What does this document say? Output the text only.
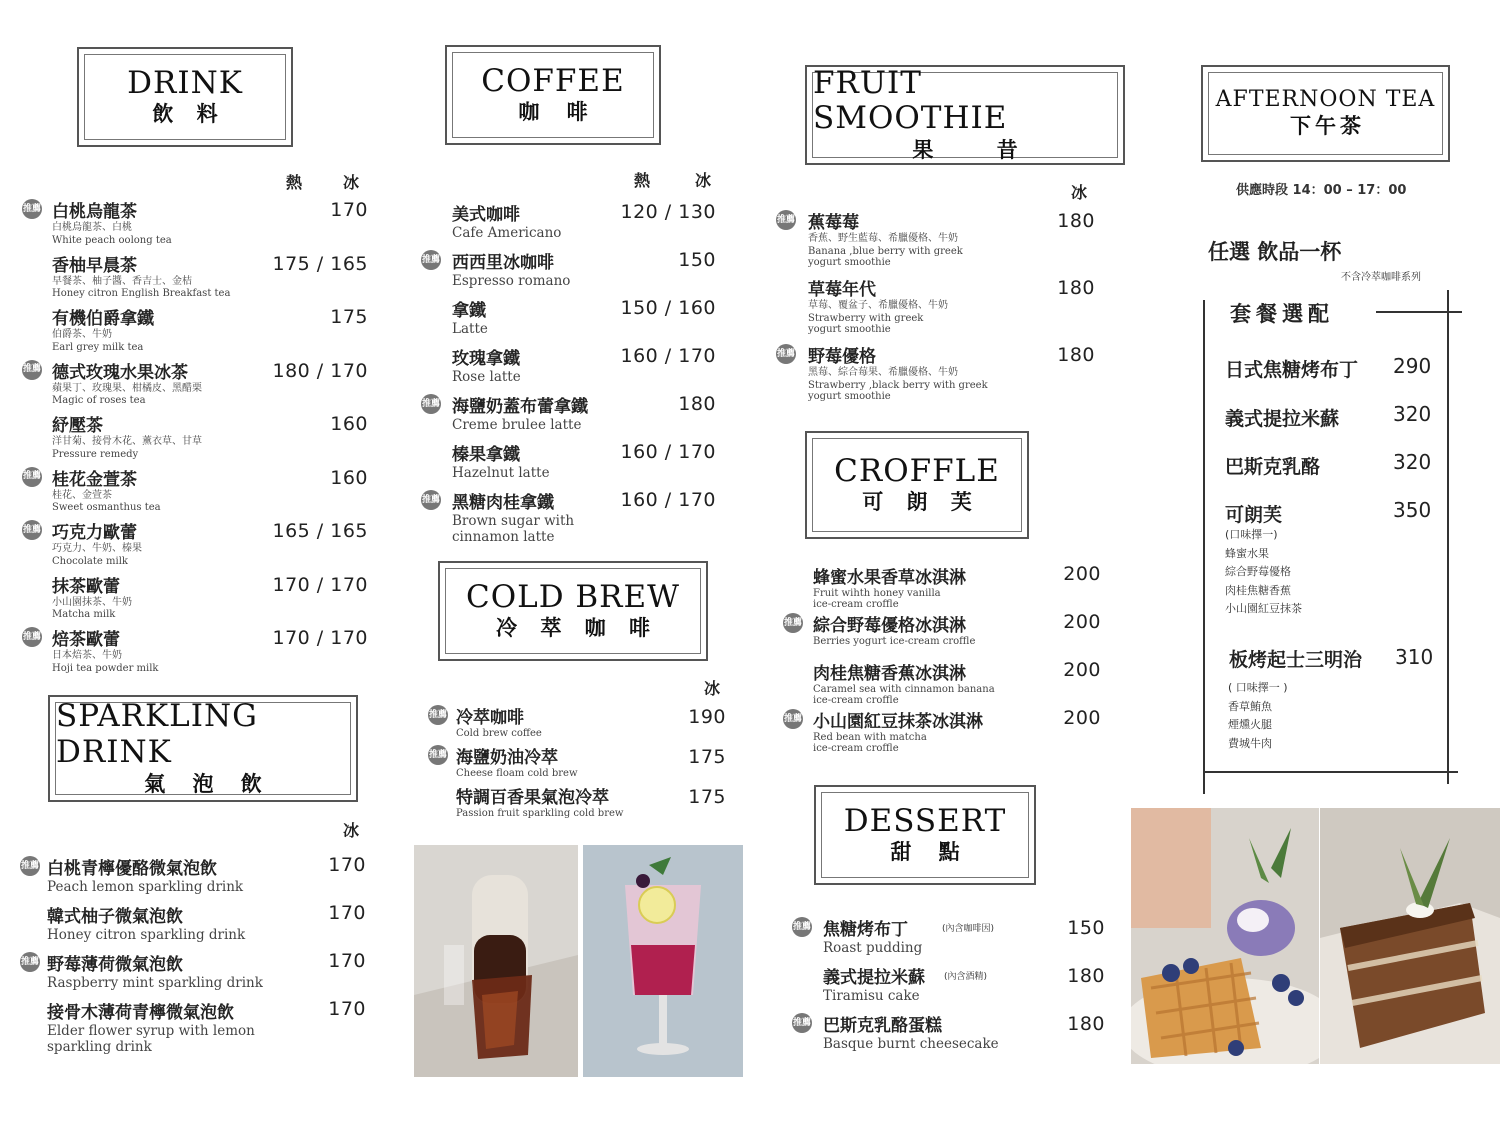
DRINK
飲 料
熱	冰
推薦 白桃烏龍茶
白桃烏龍茶、白桃
White peach oolong tea
170
香柚早晨茶
早餐茶、柚子醬、香吉士、金桔
Honey citron English Breakfast tea
175 / 165
有機伯爵拿鐵
伯爵茶、牛奶
Earl grey milk tea
175
推薦 德式玫瑰水果冰茶
蘋果丁、玫瑰果、柑橘皮、黑醋栗
Magic of roses tea
180 / 170
紓壓茶
洋甘菊、接骨木花、薰衣草、甘草
Pressure remedy
160
推薦 桂花金萱茶
桂花、金萱茶
Sweet osmanthus tea
160
推薦 巧克力歐蕾
巧克力、牛奶、榛果
Chocolate milk
165 / 165
抹茶歐蕾
小山園抹茶、牛奶
Matcha milk
170 / 170
推薦 焙茶歐蕾
日本焙茶、牛奶
Hoji tea powder milk
170 / 170
SPARKLING DRINK
氣 泡 飲
冰
推薦 白桃青檸優酪微氣泡飲
Peach lemon sparkling drink
170
韓式柚子微氣泡飲
Honey citron sparkling drink
170
推薦 野莓薄荷微氣泡飲
Raspberry mint sparkling drink
170
接骨木薄荷青檸微氣泡飲
Elder flower syrup with lemon
sparkling drink
170
COFFEE
咖 啡
熱	冰
美式咖啡
Cafe Americano
120 / 130
推薦 西西里冰咖啡
Espresso romano
150
拿鐵
Latte
150 / 160
玫瑰拿鐵
Rose latte
160 / 170
推薦 海鹽奶蓋布蕾拿鐵
Creme brulee latte
180
榛果拿鐵
Hazelnut latte
160 / 170
推薦 黑糖肉桂拿鐵
Brown sugar with
cinnamon latte
160 / 170
COLD BREW
冷 萃 咖 啡
冰
推薦 冷萃咖啡
Cold brew coffee
190
推薦 海鹽奶油冷萃
Cheese floam cold brew
175
特調百香果氣泡冷萃
Passion fruit sparkling cold brew
175
FRUIT SMOOTHIE
果 昔
冰
推薦 蕉莓莓
香蕉、野生藍莓、希臘優格、牛奶
Banana ,blue berry with greek
yogurt smoothie
180
草莓年代
草莓、覆盆子、希臘優格、牛奶
Strawberry with greek
yogurt smoothie
180
推薦 野莓優格
黑莓、綜合莓果、希臘優格、牛奶
Strawberry ,black berry with greek
yogurt smoothie
180
CROFFLE
可 朗 芙
蜂蜜水果香草冰淇淋
Fruit wihth honey vanilla
ice-cream croffle
200
推薦 綜合野莓優格冰淇淋
Berries yogurt ice-cream croffle
200
肉桂焦糖香蕉冰淇淋
Caramel sea with cinnamon banana
ice-cream croffle
200
推薦 小山園紅豆抹茶冰淇淋
Red bean with matcha
ice-cream croffle
200
DESSERT
甜 點
推薦 焦糖烤布丁
Roast pudding
(內含咖啡因)	150
義式提拉米蘇
Tiramisu cake
(內含酒精)	180
推薦 巴斯克乳酪蛋糕
Basque burnt cheesecake
180
AFTERNOON TEA
下午茶
供應時段 14：00 – 17：00
任選 飲品一杯
不含冷萃咖啡系列
套餐選配
日式焦糖烤布丁 290
義式提拉米蘇	320
巴斯克乳酪	320
可朗芙	350
(口味擇一)
蜂蜜水果
綜合野莓優格
肉桂焦糖香蕉
小山園紅豆抹茶
板烤起士三明治 310
( 口味擇一 )
香草鮪魚
煙燻火腿
費城牛肉
